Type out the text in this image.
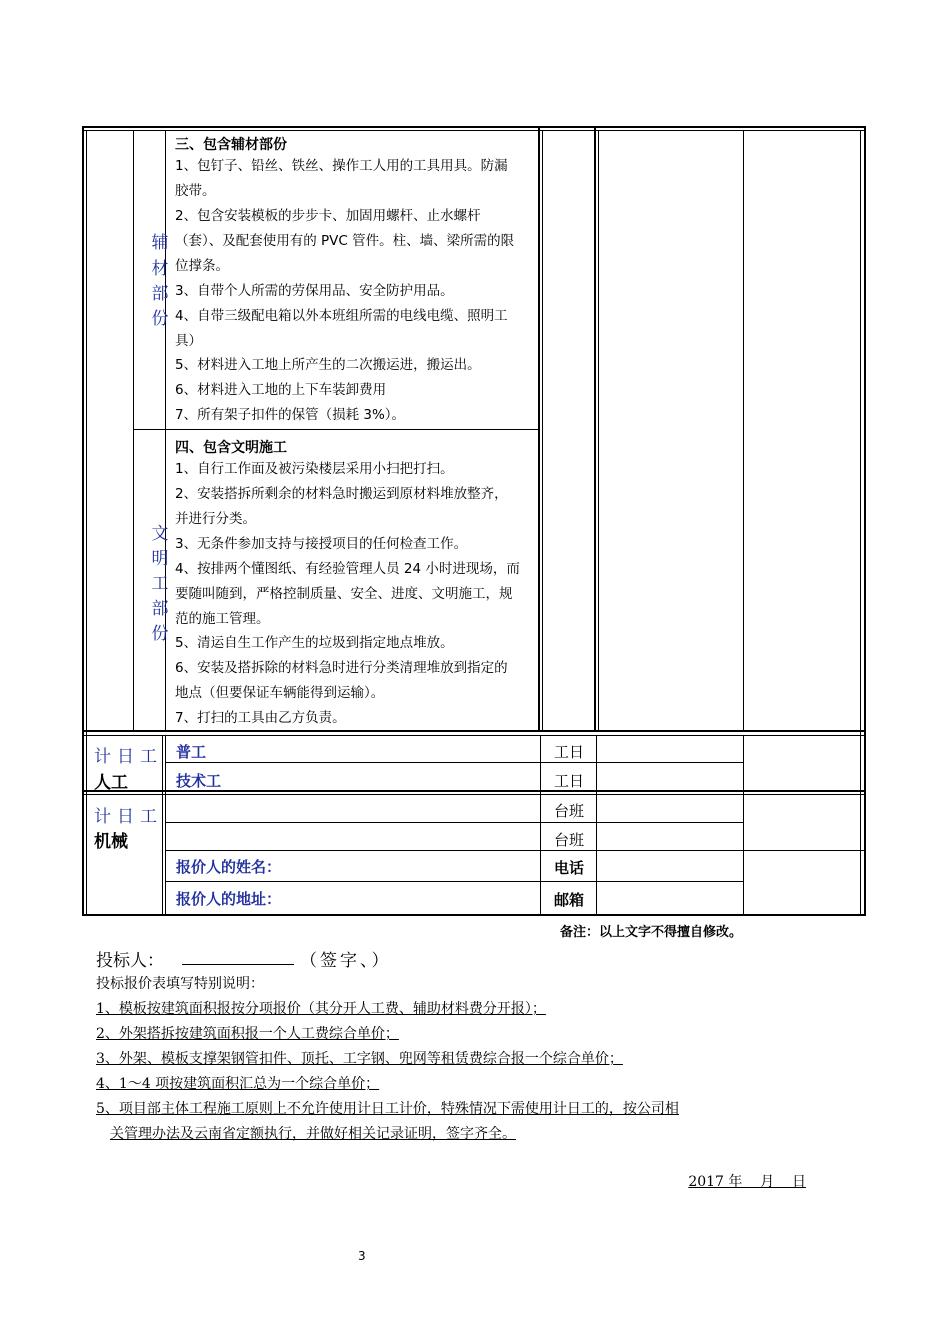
辅
材
部
份
三、包含辅材部份
1、包钉子、铅丝、铁丝、操作工人用的工具用具。防漏
胶带。
2、包含安装模板的步步卡、加固用螺杆、止水螺杆
（套）、及配套使用有的 PVC 管件。柱、墙、梁所需的限
位撑条。
3、自带个人所需的劳保用品、安全防护用品。
4、自带三级配电箱以外本班组所需的电线电缆、照明工
具）
5、材料进入工地上所产生的二次搬运进，搬运出。
6、材料进入工地的上下车装卸费用
7、所有架子扣件的保管（损耗 3%）。
文
明
工
部
份
四、包含文明施工
1、自行工作面及被污染楼层采用小扫把打扫。
2、安装搭拆所剩余的材料急时搬运到原材料堆放整齐，
并进行分类。
3、无条件参加支持与接授项目的任何检查工作。
4、按排两个懂图纸、有经验管理人员 24 小时进现场，而
要随叫随到，严格控制质量、安全、进度、文明施工，规
范的施工管理。
5、清运自生工作产生的垃圾到指定地点堆放。
6、安装及搭拆除的材料急时进行分类清理堆放到指定的
地点（但要保证车辆能得到运输）。
7、打扫的工具由乙方负责。
计日工
人工
普工	工日
技术工	工日
计日工
机械
台班
台班
报价人的姓名：	电话
报价人的地址：	邮箱
备注：以上文字不得擅自修改。
投标人：	（签字、）
投标报价表填写特别说明：
1、模板按建筑面积报按分项报价（其分开人工费、辅助材料费分开报）；
2、外架搭拆按建筑面积报一个人工费综合单价；
3、外架、模板支撑架钢管扣件、顶托、工字钢、兜网等租赁费综合报一个综合单价；
4、1～4 项按建筑面积汇总为一个综合单价；
5、项目部主体工程施工原则上不允许使用计日工计价，特殊情况下需使用计日工的，按公司相
关管理办法及云南省定额执行，并做好相关记录证明，签字齐全。
2017 年    月    日
3
